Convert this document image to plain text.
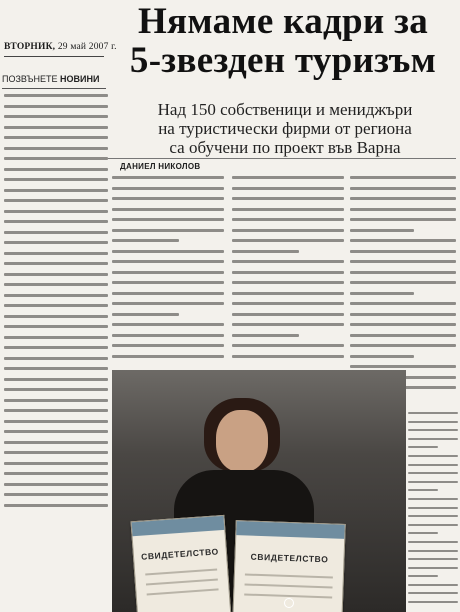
ВТОРНИК, 29 май 2007 г.
ПОЗВЪНЕТЕ НОВИНИ
Нямаме кадри за
5-звезден туризъм
Над 150 собственици и мениджъри
на туристически фирми от региона
са обучени по проект във Варна
ДАНИЕЛ НИКОЛОВ
СВИДЕТЕЛСТВО	СВИДЕТЕЛСТВО
